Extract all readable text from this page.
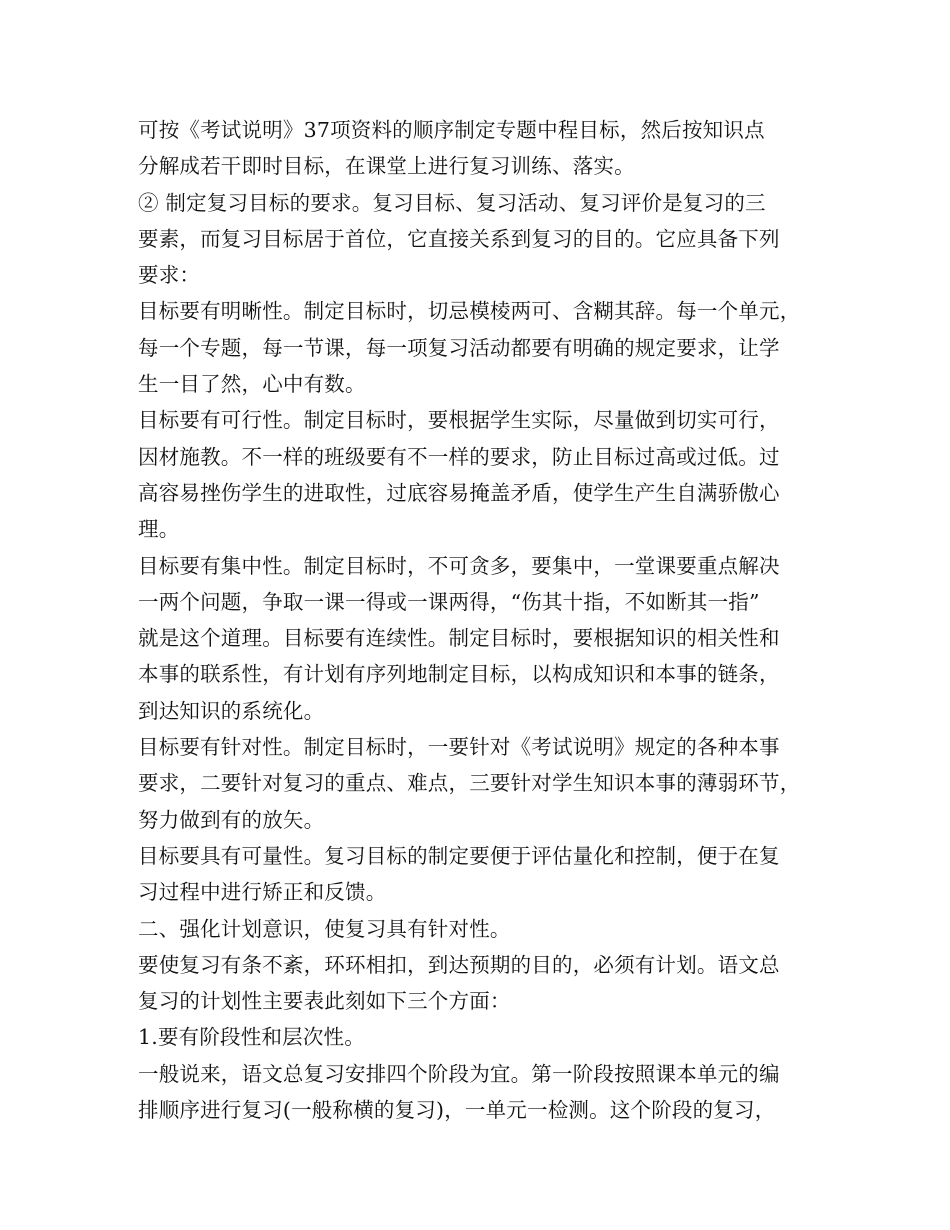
可按《考试说明》37项资料的顺序制定专题中程目标，然后按知识点
分解成若干即时目标，在课堂上进行复习训练、落实。
② 制定复习目标的要求。复习目标、复习活动、复习评价是复习的三
要素，而复习目标居于首位，它直接关系到复习的目的。它应具备下列
要求：
目标要有明晰性。制定目标时，切忌模棱两可、含糊其辞。每一个单元，
每一个专题，每一节课，每一项复习活动都要有明确的规定要求，让学
生一目了然，心中有数。
目标要有可行性。制定目标时，要根据学生实际，尽量做到切实可行，
因材施教。不一样的班级要有不一样的要求，防止目标过高或过低。过
高容易挫伤学生的进取性，过底容易掩盖矛盾，使学生产生自满骄傲心
理。
目标要有集中性。制定目标时，不可贪多，要集中，一堂课要重点解决
一两个问题，争取一课一得或一课两得，“伤其十指，不如断其一指”
就是这个道理。目标要有连续性。制定目标时，要根据知识的相关性和
本事的联系性，有计划有序列地制定目标，以构成知识和本事的链条，
到达知识的系统化。
目标要有针对性。制定目标时，一要针对《考试说明》规定的各种本事
要求，二要针对复习的重点、难点，三要针对学生知识本事的薄弱环节，
努力做到有的放矢。
目标要具有可量性。复习目标的制定要便于评估量化和控制，便于在复
习过程中进行矫正和反馈。
二、强化计划意识，使复习具有针对性。
要使复习有条不紊，环环相扣，到达预期的目的，必须有计划。语文总
复习的计划性主要表此刻如下三个方面：
1.要有阶段性和层次性。
一般说来，语文总复习安排四个阶段为宜。第一阶段按照课本单元的编
排顺序进行复习(一般称横的复习)，一单元一检测。这个阶段的复习，
